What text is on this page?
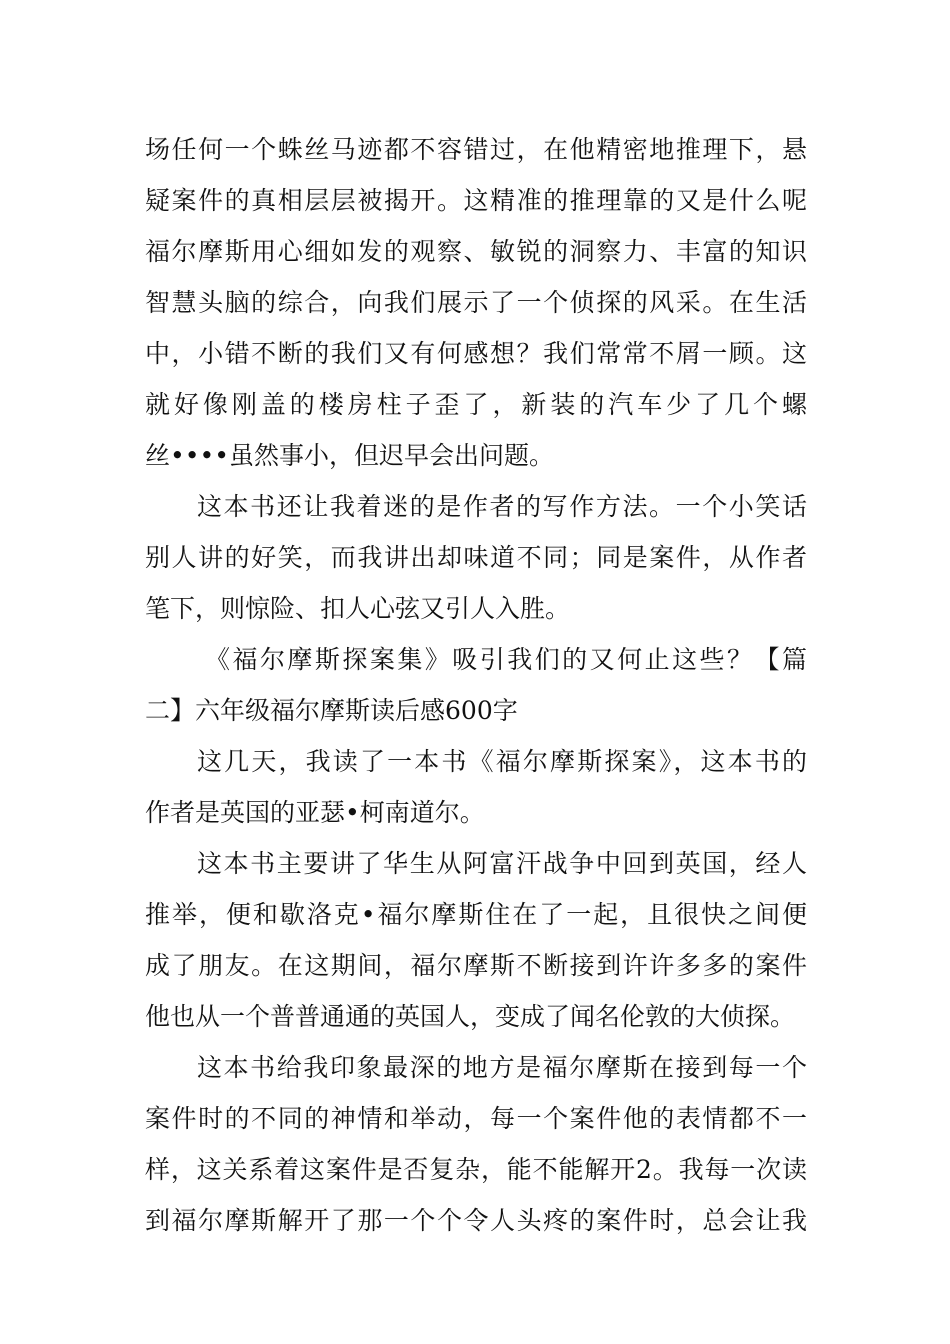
场任何一个蛛丝马迹都不容错过，在他精密地推理下，悬
疑案件的真相层层被揭开。这精准的推理靠的又是什么呢
福尔摩斯用心细如发的观察、敏锐的洞察力、丰富的知识
智慧头脑的综合，向我们展示了一个侦探的风采。在生活
中，小错不断的我们又有何感想？我们常常不屑一顾。这
就好像刚盖的楼房柱子歪了，新装的汽车少了几个螺
丝••••虽然事小，但迟早会出问题。
这本书还让我着迷的是作者的写作方法。一个小笑话
别人讲的好笑，而我讲出却味道不同；同是案件，从作者
笔下，则惊险、扣人心弦又引人入胜。
《福尔摩斯探案集》吸引我们的又何止这些？【篇
二】六年级福尔摩斯读后感600字
这几天，我读了一本书《福尔摩斯探案》，这本书的
作者是英国的亚瑟•柯南道尔。
这本书主要讲了华生从阿富汗战争中回到英国，经人
推举，便和歇洛克•福尔摩斯住在了一起，且很快之间便
成了朋友。在这期间，福尔摩斯不断接到许许多多的案件
他也从一个普普通通的英国人，变成了闻名伦敦的大侦探。
这本书给我印象最深的地方是福尔摩斯在接到每一个
案件时的不同的神情和举动，每一个案件他的表情都不一
样，这关系着这案件是否复杂，能不能解开2。我每一次读
到福尔摩斯解开了那一个个令人头疼的案件时，总会让我
